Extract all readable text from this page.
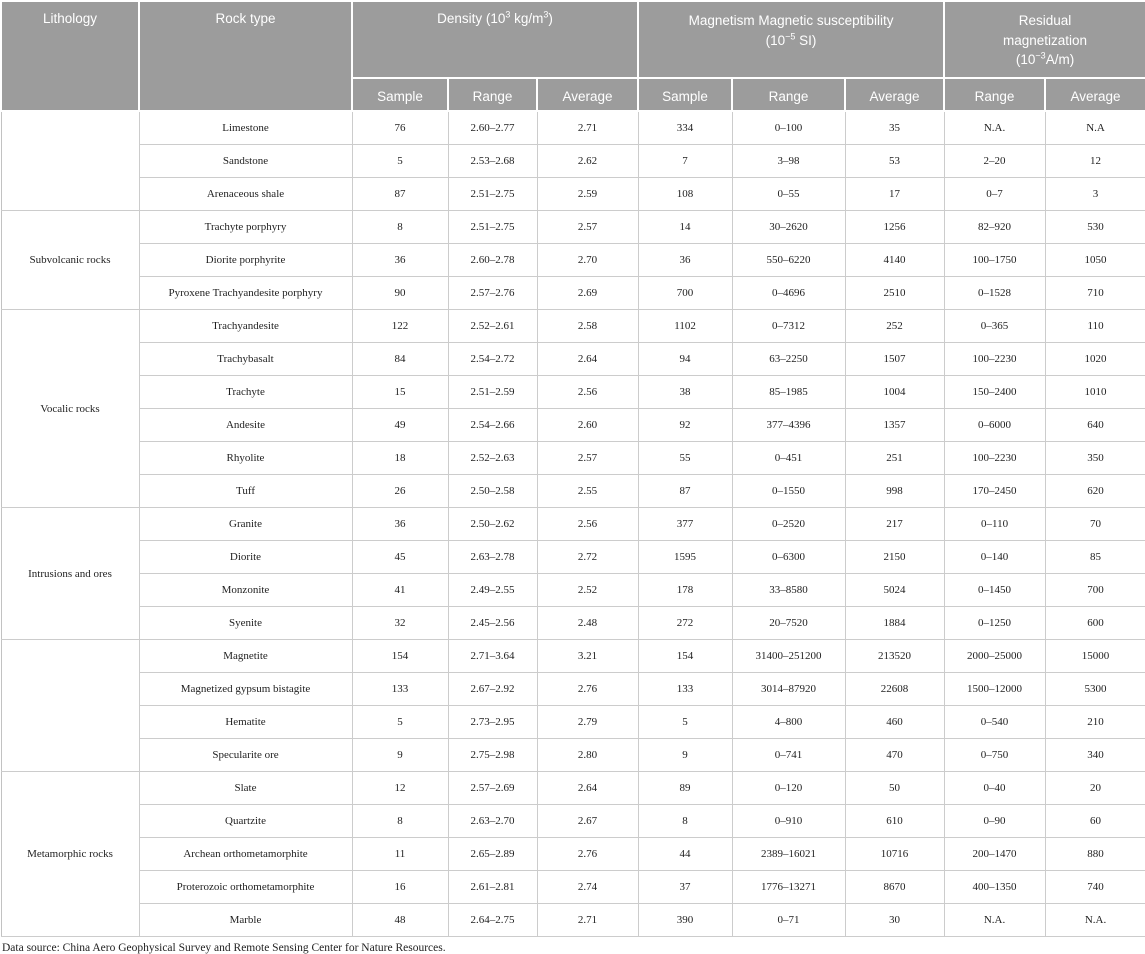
Lithology	Rock type	Density ($10^3$ $kg/m^3$)			Magnetism Magnetic susceptibility ($10^{-5}$ SI)			Residual magnetization $(10^{-3}A/m)$	

		Sample	Range	Average	Sample	Range	Average	Range	Average
	Limestone	76	2.60–2.77	2.71	334	0–100	35	N.A.	N.A
	Sandstone	5	2.53–2.68	2.62	7	3–98	53	2–20	12
	Arenaceous shale	87	2.51–2.75	2.59	108	0–55	17	0–7	3
Subvolcanic rocks	Trachyte porphyry	8	2.51–2.75	2.57	14	30–2620	1256	82–920	530
	Diorite porphyrite	36	2.60–2.78	2.70	36	550–6220	4140	100–1750	1050
	Pyroxene Trachyandesite porphyry	90	2.57–2.76	2.69	700	0–4696	2510	0–1528	710
Vocalic rocks	Trachyandesite	122	2.52–2.61	2.58	1102	0–7312	252	0–365	110
	Trachybasalt	84	2.54–2.72	2.64	94	63–2250	1507	100–2230	1020
	Trachyte	15	2.51–2.59	2.56	38	85–1985	1004	150–2400	1010
	Andesite	49	2.54–2.66	2.60	92	377–4396	1357	0–6000	640
	Rhyolite	18	2.52–2.63	2.57	55	0–451	251	100–2230	350
	Tuff	26	2.50–2.58	2.55	87	0–1550	998	170–2450	620
Intrusions and ores	Granite	36	2.50–2.62	2.56	377	0–2520	217	0–110	70
	Diorite	45	2.63–2.78	2.72	1595	0–6300	2150	0–140	85
	Monzonite	41	2.49–2.55	2.52	178	33–8580	5024	0–1450	700
	Syenite	32	2.45–2.56	2.48	272	20–7520	1884	0–1250	600
	Magnetite	154	2.71–3.64	3.21	154	31400–251200	213520	2000–25000	15000
	Magnetized gypsum bistagite	133	2.67–2.92	2.76	133	3014–87920	22608	1500–12000	5300
	Hematite	5	2.73–2.95	2.79	5	4–800	460	0–540	210
	Specularite ore	9	2.75–2.98	2.80	9	0–741	470	0–750	340
Metamorphic rocks	Slate	12	2.57–2.69	2.64	89	0–120	50	0–40	20
	Quartzite	8	2.63–2.70	2.67	8	0–910	610	0–90	60
	Archean orthometamorphite	11	2.65–2.89	2.76	44	2389–16021	10716	200–1470	880
	Proterozoic orthometamorphite	16	2.61–2.81	2.74	37	1776–13271	8670	400–1350	740
	Marble	48	2.64–2.75	2.71	390	0–71	30	N.A.	N.A.
Data source: China Aero Geophysical Survey and Remote Sensing Center for Nature Resources.
